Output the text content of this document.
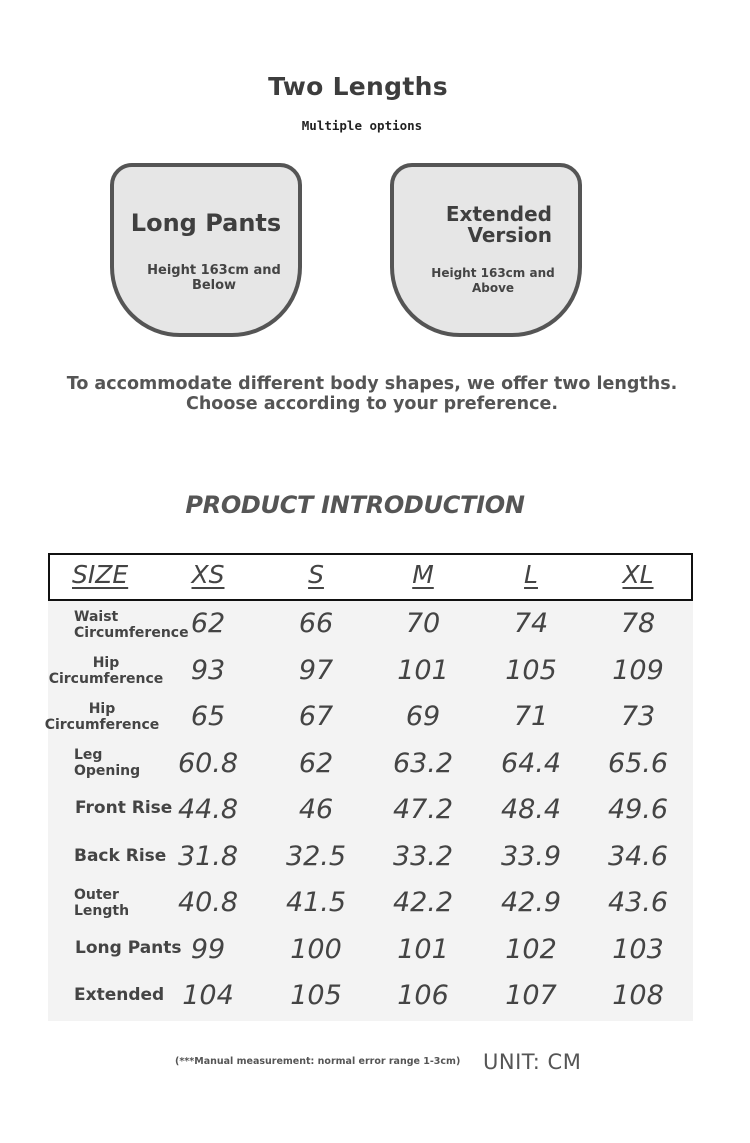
Two Lengths
Multiple options
Long Pants
Height 163cm and Below
Extended Version
Height 163cm and Above
To accommodate different body shapes, we offer two lengths. Choose according to your preference.
PRODUCT INTRODUCTION
SIZE	XS	S	M	L	XL
Waist Circumference 62	66	70	74	78
Hip Circumference	93	97	101	105	109
Hip Circumference	65	67	69	71	73
Leg Opening	60.8	62	63.2	64.4	65.6
Front Rise 44.8	46	47.2	48.4	49.6
Back Rise 31.8	32.5	33.2	33.9	34.6
Outer Length	40.8	41.5	42.2	42.9	43.6
Long Pants 99	100	101	102	103
Extended 104	105	106	107	108
(***Manual measurement: normal error range 1-3cm) UNIT: CM
